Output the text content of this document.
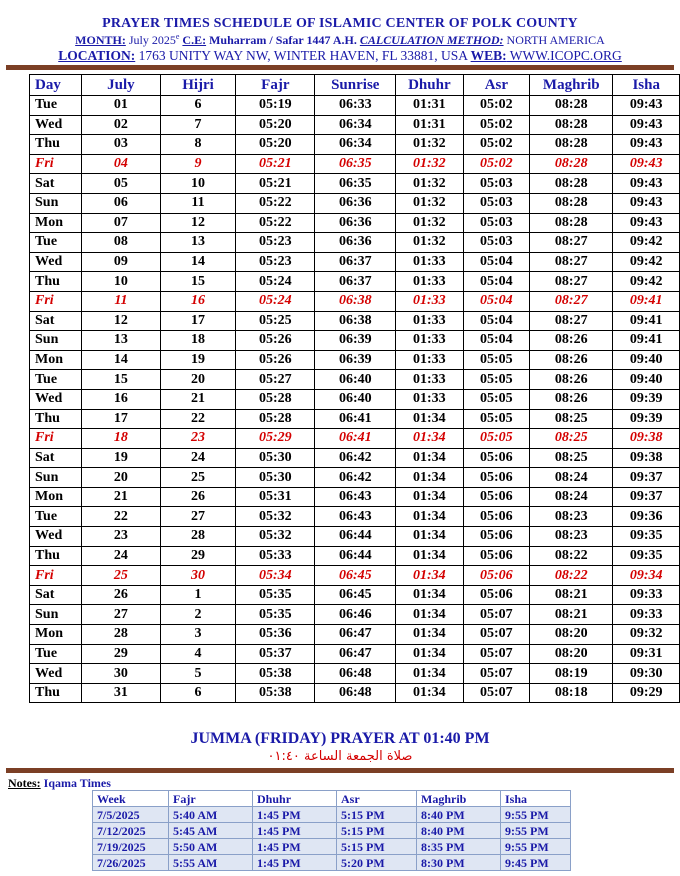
PRAYER TIMES SCHEDULE OF ISLAMIC CENTER OF POLK COUNTY
MONTH: July 2025e C.E: Muharram / Safar 1447 A.H. CALCULATION METHOD: NORTH AMERICA
LOCATION: 1763 UNITY WAY NW, WINTER HAVEN, FL 33881, USA WEB: WWW.ICOPC.ORG
Day	July	Hijri	Fajr	Sunrise	Dhuhr	Asr	Maghrib	Isha
Tue	01	6	05:19	06:33	01:31	05:02	08:28	09:43
Wed	02	7	05:20	06:34	01:31	05:02	08:28	09:43
Thu	03	8	05:20	06:34	01:32	05:02	08:28	09:43
Fri	04	9	05:21	06:35	01:32	05:02	08:28	09:43
Sat	05	10	05:21	06:35	01:32	05:03	08:28	09:43
Sun	06	11	05:22	06:36	01:32	05:03	08:28	09:43
Mon	07	12	05:22	06:36	01:32	05:03	08:28	09:43
Tue	08	13	05:23	06:36	01:32	05:03	08:27	09:42
Wed	09	14	05:23	06:37	01:33	05:04	08:27	09:42
Thu	10	15	05:24	06:37	01:33	05:04	08:27	09:42
Fri	11	16	05:24	06:38	01:33	05:04	08:27	09:41
Sat	12	17	05:25	06:38	01:33	05:04	08:27	09:41
Sun	13	18	05:26	06:39	01:33	05:04	08:26	09:41
Mon	14	19	05:26	06:39	01:33	05:05	08:26	09:40
Tue	15	20	05:27	06:40	01:33	05:05	08:26	09:40
Wed	16	21	05:28	06:40	01:33	05:05	08:26	09:39
Thu	17	22	05:28	06:41	01:34	05:05	08:25	09:39
Fri	18	23	05:29	06:41	01:34	05:05	08:25	09:38
Sat	19	24	05:30	06:42	01:34	05:06	08:25	09:38
Sun	20	25	05:30	06:42	01:34	05:06	08:24	09:37
Mon	21	26	05:31	06:43	01:34	05:06	08:24	09:37
Tue	22	27	05:32	06:43	01:34	05:06	08:23	09:36
Wed	23	28	05:32	06:44	01:34	05:06	08:23	09:35
Thu	24	29	05:33	06:44	01:34	05:06	08:22	09:35
Fri	25	30	05:34	06:45	01:34	05:06	08:22	09:34
Sat	26	1	05:35	06:45	01:34	05:06	08:21	09:33
Sun	27	2	05:35	06:46	01:34	05:07	08:21	09:33
Mon	28	3	05:36	06:47	01:34	05:07	08:20	09:32
Tue	29	4	05:37	06:47	01:34	05:07	08:20	09:31
Wed	30	5	05:38	06:48	01:34	05:07	08:19	09:30
Thu	31	6	05:38	06:48	01:34	05:07	08:18	09:29
JUMMA (FRIDAY) PRAYER AT 01:40 PM
صلاة الجمعة الساعة ٠١:٤٠
Notes: Iqama Times
Week	Fajr	Dhuhr	Asr	Maghrib	Isha
7/5/2025	5:40 AM	1:45 PM	5:15 PM	8:40 PM	9:55 PM
7/12/2025	5:45 AM	1:45 PM	5:15 PM	8:40 PM	9:55 PM
7/19/2025	5:50 AM	1:45 PM	5:15 PM	8:35 PM	9:55 PM
7/26/2025	5:55 AM	1:45 PM	5:20 PM	8:30 PM	9:45 PM
